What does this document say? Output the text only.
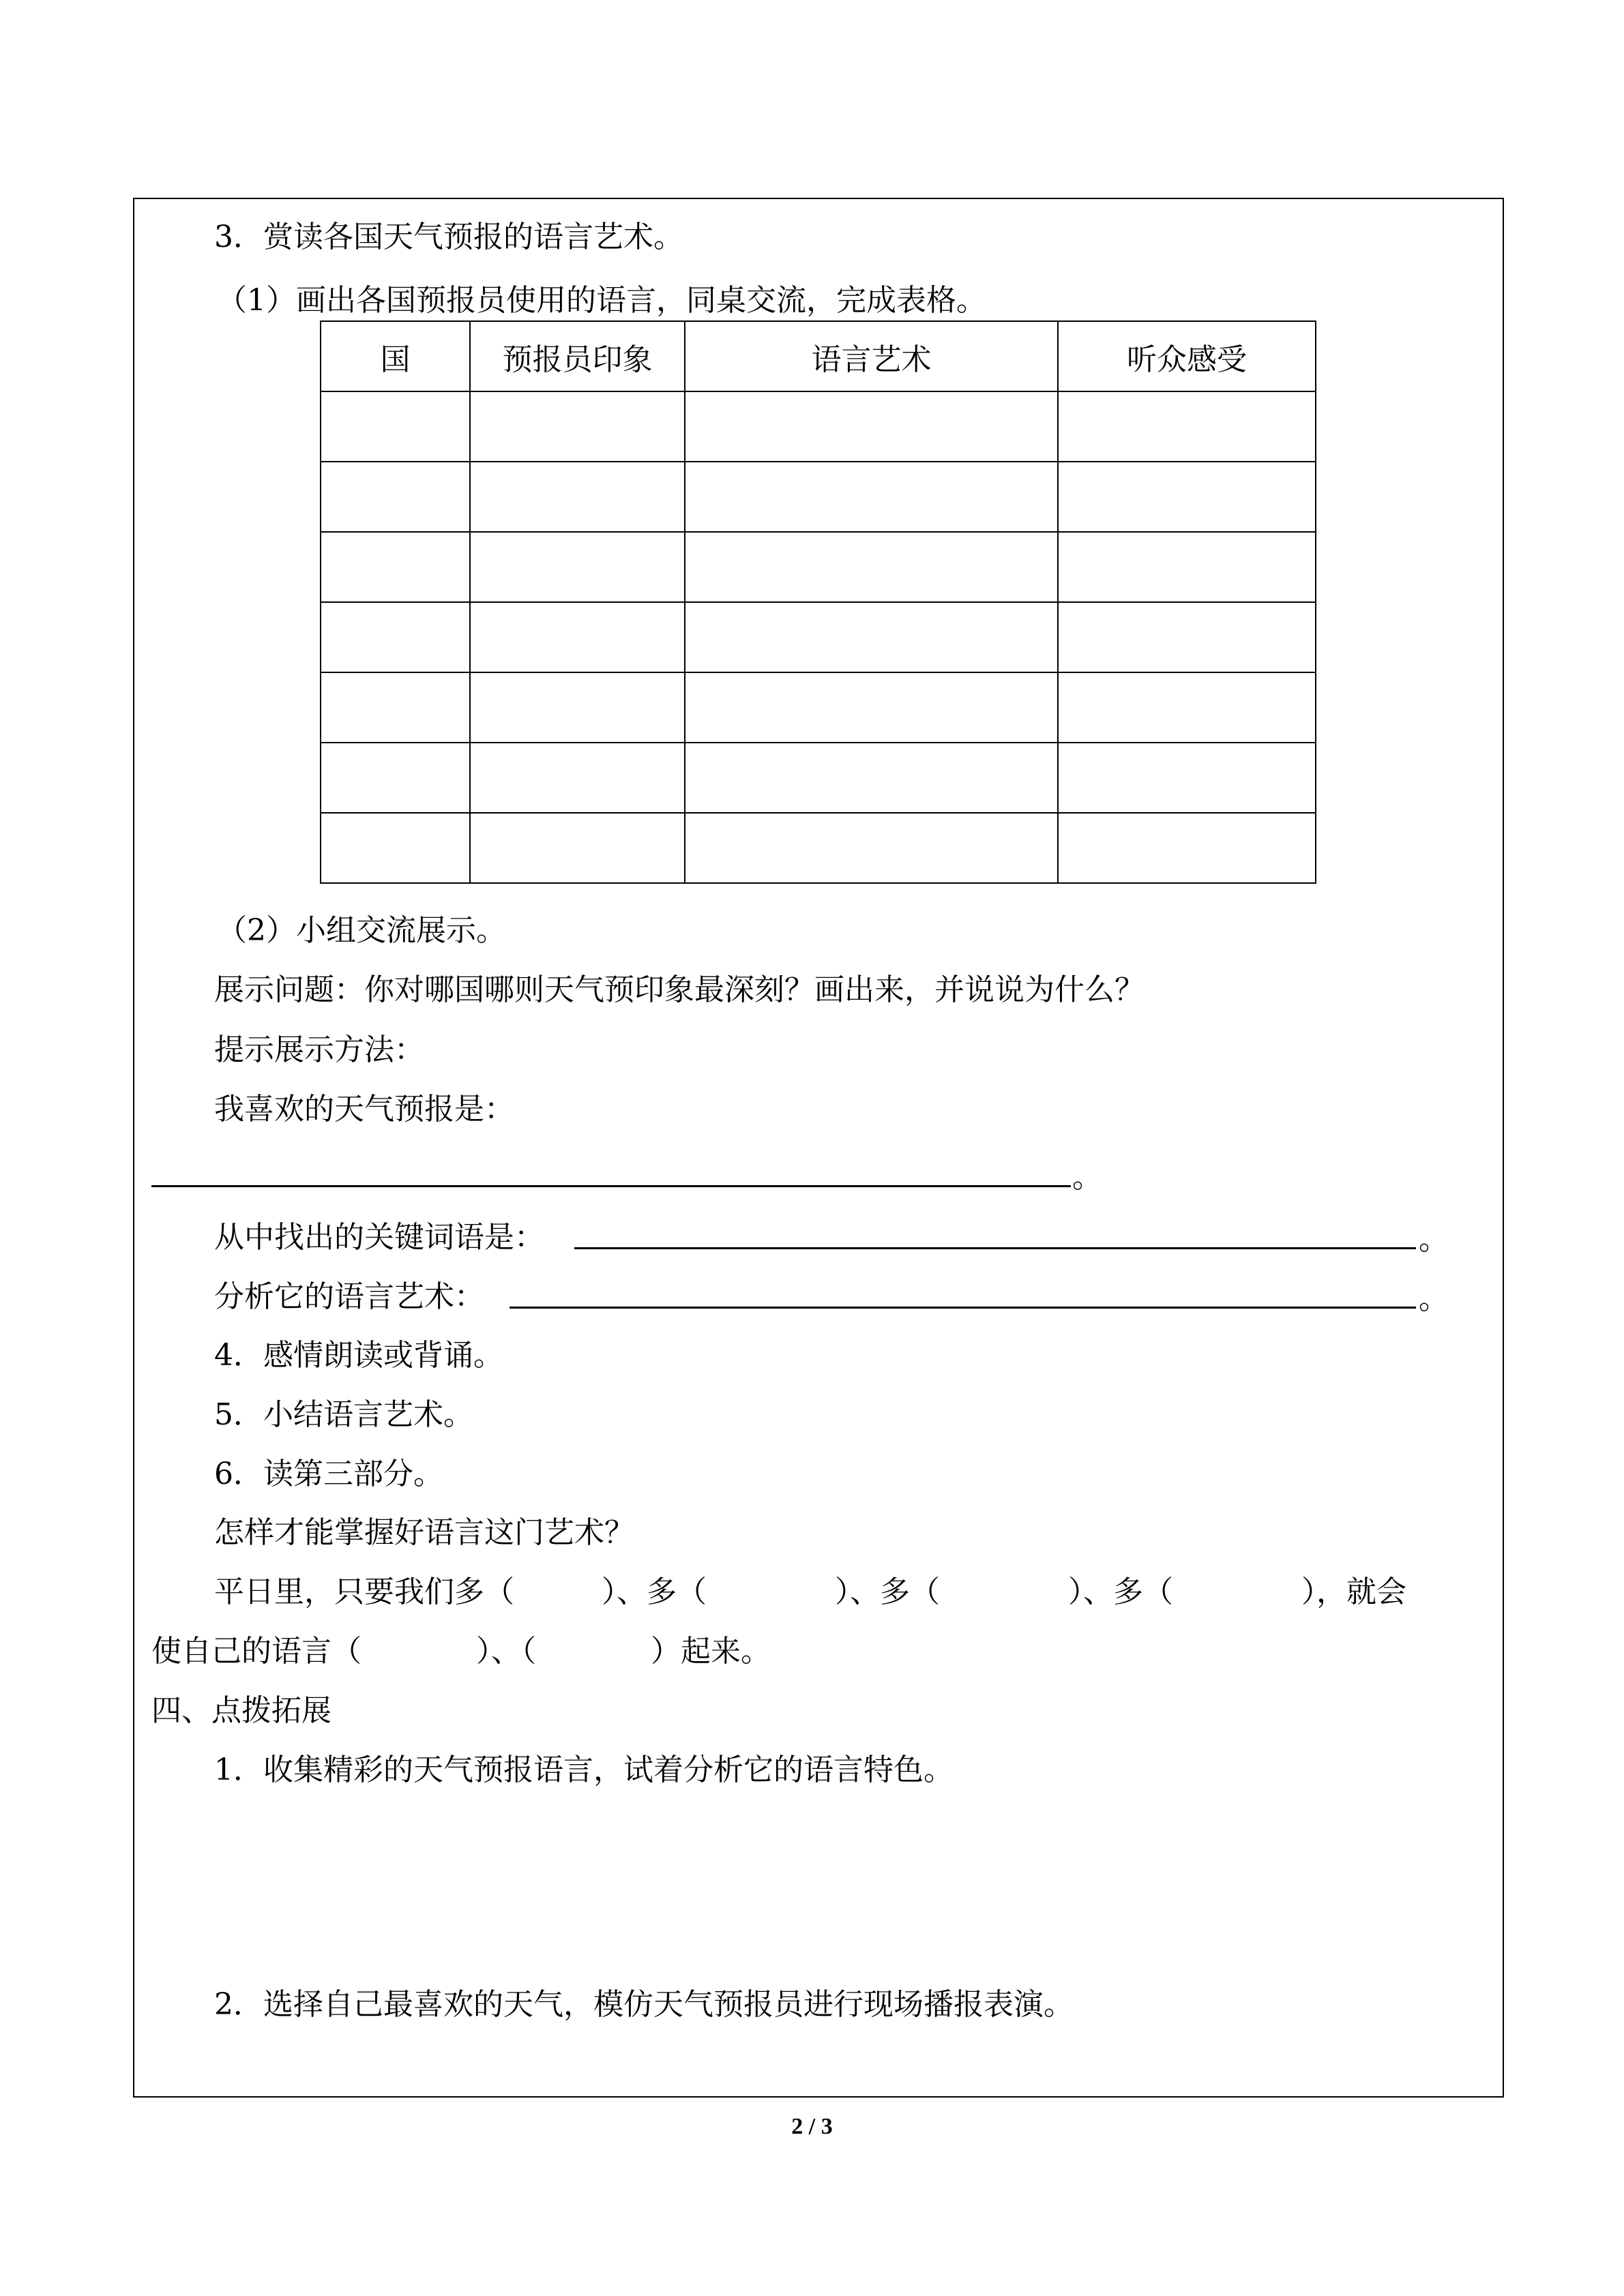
3．赏读各国天气预报的语言艺术。
（1）画出各国预报员使用的语言，同桌交流，完成表格。
国	预报员印象	语言艺术	听众感受

（2）小组交流展示。
展示问题：你对哪国哪则天气预印象最深刻？画出来，并说说为什么？
提示展示方法：
我喜欢的天气预报是：
。
从中找出的关键词语是：	。
分析它的语言艺术：	。
4．感情朗读或背诵。
5．小结语言艺术。
6．读第三部分。
怎样才能掌握好语言这门艺术？
平日里，只要我们多（	）、多（	）、多（	）、多（	），就会
使自己的语言（	）、（	）起来。
四、点拨拓展
1．收集精彩的天气预报语言，试着分析它的语言特色。
2．选择自己最喜欢的天气，模仿天气预报员进行现场播报表演。
2 / 3
